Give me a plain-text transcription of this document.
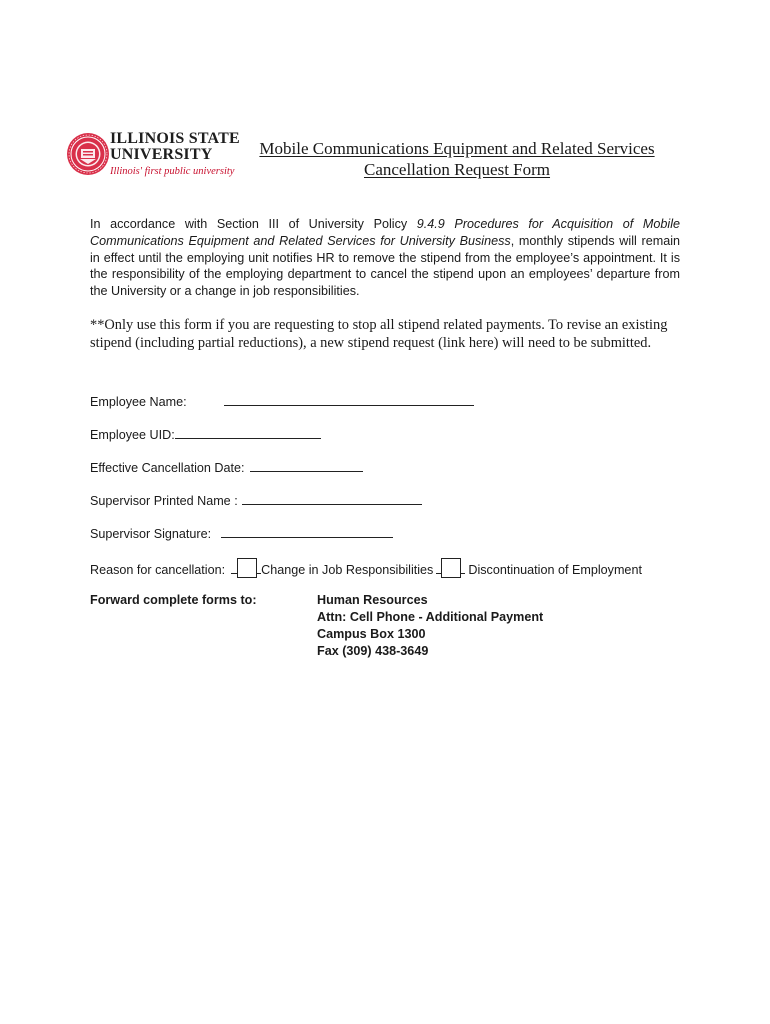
ILLINOIS STATE
UNIVERSITY
Illinois' first public university
Mobile Communications Equipment and Related Services
Cancellation Request Form

In accordance with Section III of University Policy 9.4.9 Procedures for Acquisition of Mobile Communications Equipment and Related Services for University Business, monthly stipends will remain in effect until the employing unit notifies HR to remove the stipend from the employee’s appointment. It is the responsibility of the employing department to cancel the stipend upon an employees’ departure from the University or a change in job responsibilities.

**Only use this form if you are requesting to stop all stipend related payments. To revise an existing stipend (including partial reductions), a new stipend request (link here) will need to be submitted.

Employee Name:
Employee UID:
Effective Cancellation Date:
Supervisor Printed Name :
Supervisor Signature:
Reason for cancellation:	Change in Job Responsibilities	Discontinuation of Employment
Forward complete forms to:	Human Resources
Attn: Cell Phone - Additional Payment
Campus Box 1300
Fax (309) 438-3649
